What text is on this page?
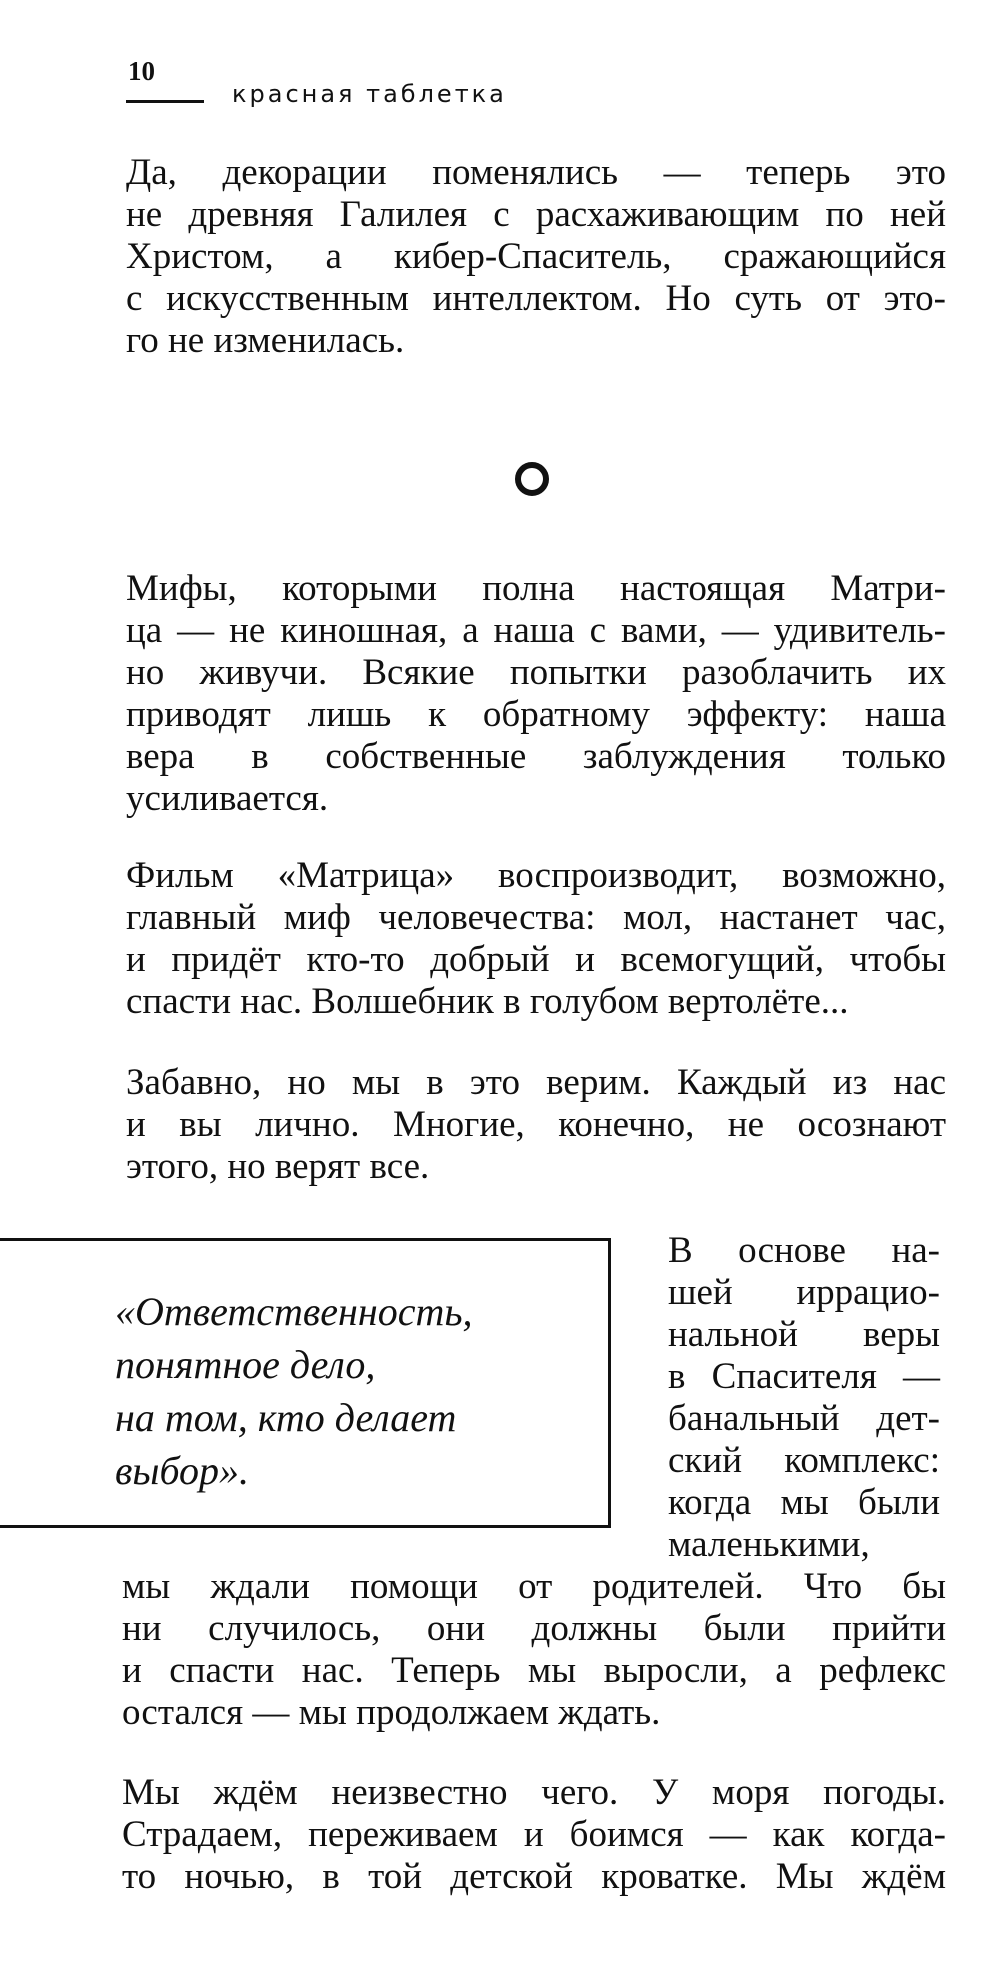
10
красная таблетка
Да, декорации поменялись — теперь это
не древняя Галилея с расхаживающим по ней
Христом, а кибер-Спаситель, сражающийся
с искусственным интеллектом. Но суть от это-
го не изменилась.
Мифы, которыми полна настоящая Матри-
ца — не киношная, а наша с вами, — удивитель-
но живучи. Всякие попытки разоблачить их
приводят лишь к обратному эффекту: наша
вера в собственные заблуждения только
усиливается.
Фильм «Матрица» воспроизводит, возможно,
главный миф человечества: мол, настанет час,
и придёт кто-то добрый и всемогущий, чтобы
спасти нас. Волшебник в голубом вертолёте...
Забавно, но мы в это верим. Каждый из нас
и вы лично. Многие, конечно, не осознают
этого, но верят все.
«Ответственность,
понятное дело,
на том, кто делает
выбор».
В основе на-
шей иррацио-
нальной веры
в Спасителя —
банальный дет-
ский комплекс:
когда мы были
маленькими,
мы ждали помощи от родителей. Что бы
ни случилось, они должны были прийти
и спасти нас. Теперь мы выросли, а рефлекс
остался — мы продолжаем ждать.
Мы ждём неизвестно чего. У моря погоды.
Страдаем, переживаем и боимся — как когда-
то ночью, в той детской кроватке. Мы ждём
